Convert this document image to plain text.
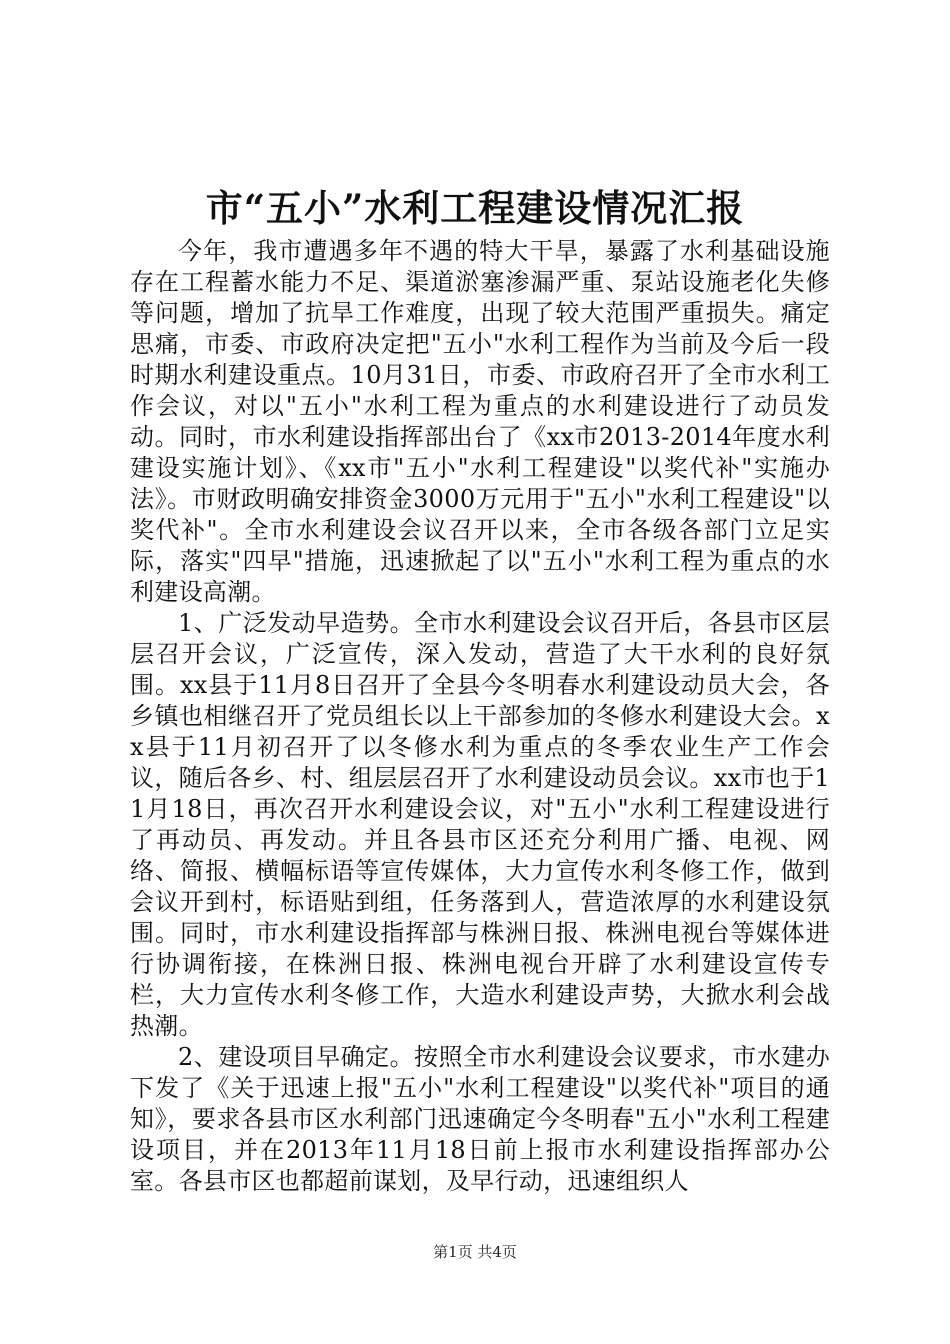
市“五小”水利工程建设情况汇报

今年，我市遭遇多年不遇的特大干旱，暴露了水利基础设施存在工程蓄水能力不足、渠道淤塞渗漏严重、泵站设施老化失修等问题，增加了抗旱工作难度，出现了较大范围严重损失。痛定思痛，市委、市政府决定把"五小"水利工程作为当前及今后一段时期水利建设重点。10月31日，市委、市政府召开了全市水利工作会议，对以"五小"水利工程为重点的水利建设进行了动员发动。同时，市水利建设指挥部出台了《xx市2013-2014年度水利建设实施计划》、《xx市"五小"水利工程建设"以奖代补"实施办法》。市财政明确安排资金3000万元用于"五小"水利工程建设"以奖代补"。全市水利建设会议召开以来，全市各级各部门立足实际，落实"四早"措施，迅速掀起了以"五小"水利工程为重点的水利建设高潮。

1、广泛发动早造势。全市水利建设会议召开后，各县市区层层召开会议，广泛宣传，深入发动，营造了大干水利的良好氛围。xx县于11月8日召开了全县今冬明春水利建设动员大会，各乡镇也相继召开了党员组长以上干部参加的冬修水利建设大会。xx县于11月初召开了以冬修水利为重点的冬季农业生产工作会议，随后各乡、村、组层层召开了水利建设动员会议。xx市也于11月18日，再次召开水利建设会议，对"五小"水利工程建设进行了再动员、再发动。并且各县市区还充分利用广播、电视、网络、简报、横幅标语等宣传媒体，大力宣传水利冬修工作，做到会议开到村，标语贴到组，任务落到人，营造浓厚的水利建设氛围。同时，市水利建设指挥部与株洲日报、株洲电视台等媒体进行协调衔接，在株洲日报、株洲电视台开辟了水利建设宣传专栏，大力宣传水利冬修工作，大造水利建设声势，大掀水利会战热潮。

2、建设项目早确定。按照全市水利建设会议要求，市水建办下发了《关于迅速上报"五小"水利工程建设"以奖代补"项目的通知》，要求各县市区水利部门迅速确定今冬明春"五小"水利工程建设项目，并在2013年11月18日前上报市水利建设指挥部办公室。各县市区也都超前谋划，及早行动，迅速组织人

第1页 共4页
